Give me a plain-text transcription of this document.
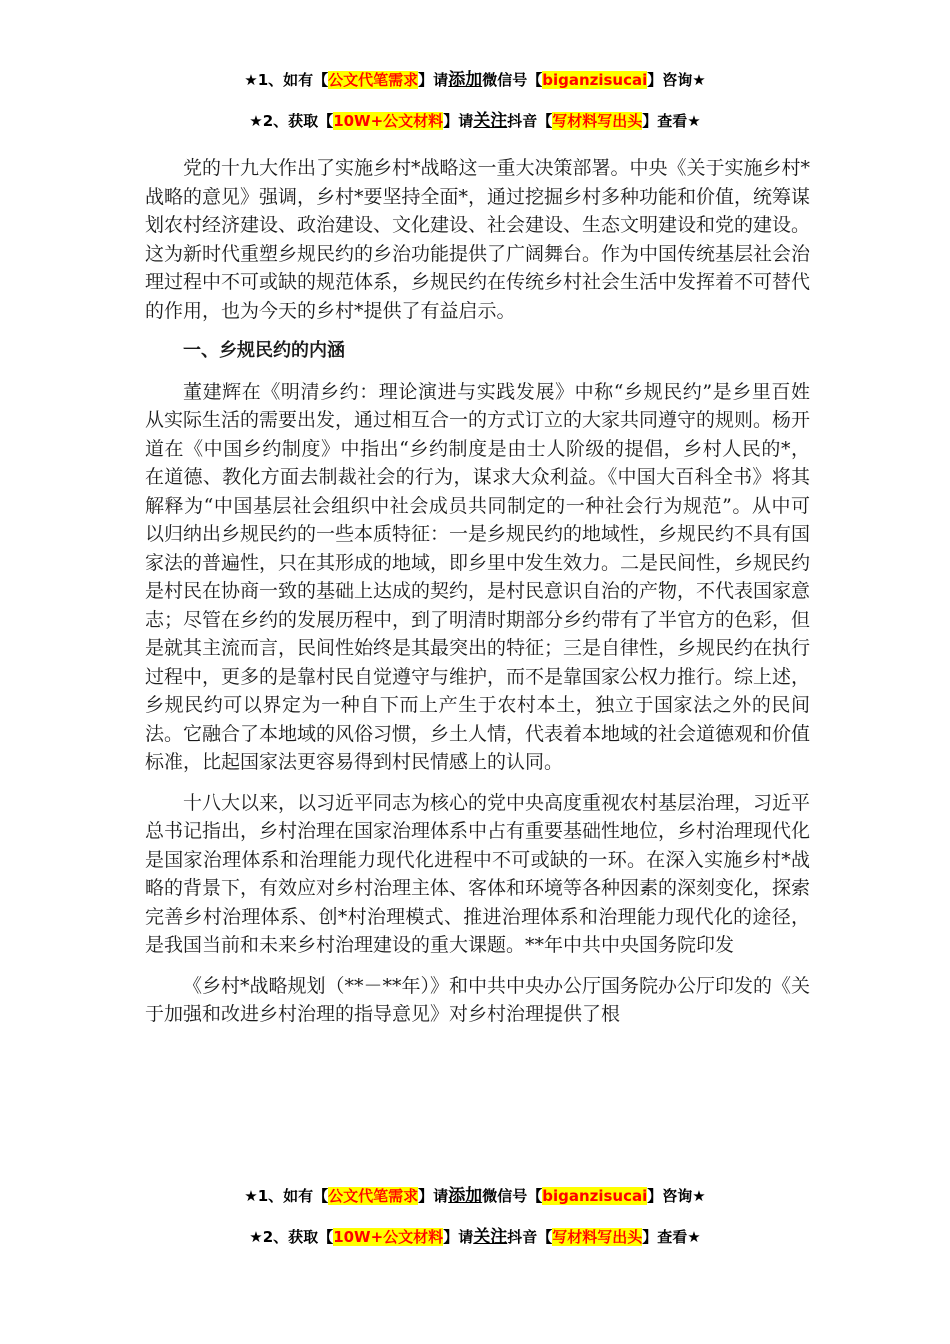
★1、如有【公文代笔需求】请添加微信号【biganzisucai】咨询★
★2、获取【10W+公文材料】请关注抖音【写材料写出头】查看★

党的十九大作出了实施乡村*战略这一重大决策部署。中央《关于实施乡村*战略的意见》强调，乡村*要坚持全面*，通过挖掘乡村多种功能和价值，统筹谋划农村经济建设、政治建设、文化建设、社会建设、生态文明建设和党的建设。这为新时代重塑乡规民约的乡治功能提供了广阔舞台。作为中国传统基层社会治理过程中不可或缺的规范体系，乡规民约在传统乡村社会生活中发挥着不可替代的作用，也为今天的乡村*提供了有益启示。

一、乡规民约的内涵

董建辉在《明清乡约：理论演进与实践发展》中称“乡规民约”是乡里百姓从实际生活的需要出发，通过相互合一的方式订立的大家共同遵守的规则。杨开道在《中国乡约制度》中指出“乡约制度是由士人阶级的提倡，乡村人民的*，在道德、教化方面去制裁社会的行为，谋求大众利益。《中国大百科全书》将其解释为“中国基层社会组织中社会成员共同制定的一种社会行为规范”。从中可以归纳出乡规民约的一些本质特征：一是乡规民约的地域性，乡规民约不具有国家法的普遍性，只在其形成的地域，即乡里中发生效力。二是民间性，乡规民约是村民在协商一致的基础上达成的契约，是村民意识自治的产物，不代表国家意志；尽管在乡约的发展历程中，到了明清时期部分乡约带有了半官方的色彩，但是就其主流而言，民间性始终是其最突出的特征；三是自律性，乡规民约在执行过程中，更多的是靠村民自觉遵守与维护，而不是靠国家公权力推行。综上述，乡规民约可以界定为一种自下而上产生于农村本土，独立于国家法之外的民间法。它融合了本地域的风俗习惯，乡土人情，代表着本地域的社会道德观和价值标准，比起国家法更容易得到村民情感上的认同。

十八大以来，以习近平同志为核心的党中央高度重视农村基层治理，习近平总书记指出，乡村治理在国家治理体系中占有重要基础性地位，乡村治理现代化是国家治理体系和治理能力现代化进程中不可或缺的一环。在深入实施乡村*战略的背景下，有效应对乡村治理主体、客体和环境等各种因素的深刻变化，探索完善乡村治理体系、创*村治理模式、推进治理体系和治理能力现代化的途径，是我国当前和未来乡村治理建设的重大课题。**年中共中央国务院印发

《乡村*战略规划（**－**年）》和中共中央办公厅国务院办公厅印发的《关于加强和改进乡村治理的指导意见》对乡村治理提供了根

★1、如有【公文代笔需求】请添加微信号【biganzisucai】咨询★
★2、获取【10W+公文材料】请关注抖音【写材料写出头】查看★
